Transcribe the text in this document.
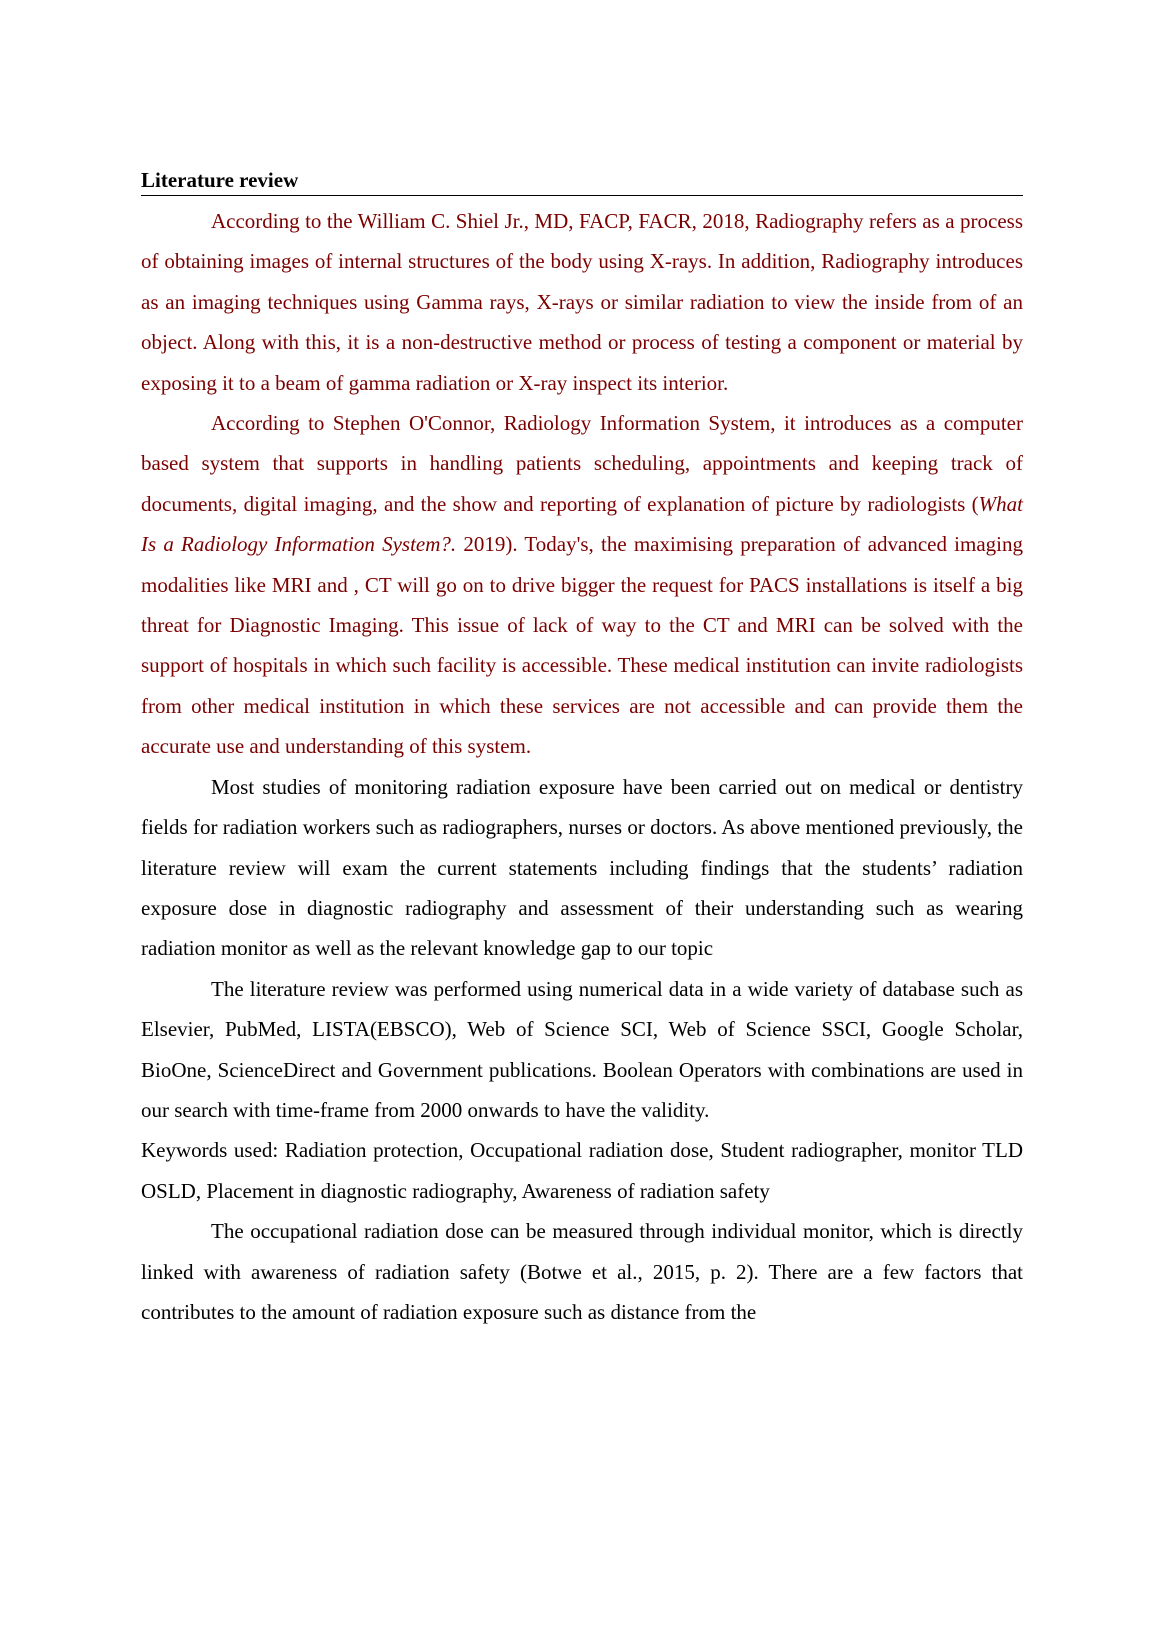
Literature review

According to the William C. Shiel Jr., MD, FACP, FACR, 2018, Radiography refers as a process of obtaining images of internal structures of the body using X-rays. In addition, Radiography introduces as an imaging techniques using Gamma rays, X-rays or similar radiation to view the inside from of an object. Along with this, it is a non-destructive method or process of testing a component or material by exposing it to a beam of gamma radiation or X-ray inspect its interior.

According to Stephen O'Connor, Radiology Information System, it introduces as a computer based system that supports in handling patients scheduling, appointments and keeping track of documents, digital imaging, and the show and reporting of explanation of picture by radiologists (What Is a Radiology Information System?. 2019). Today's, the maximising preparation of advanced imaging modalities like MRI and , CT will go on to drive bigger the request for PACS installations is itself a big threat for Diagnostic Imaging. This issue of lack of way to the CT and MRI can be solved with the support of hospitals in which such facility is accessible. These medical institution can invite radiologists from other medical institution in which these services are not accessible and can provide them the accurate use and understanding of this system.

Most studies of monitoring radiation exposure have been carried out on medical or dentistry fields for radiation workers such as radiographers, nurses or doctors. As above mentioned previously, the literature review will exam the current statements including findings that the students’ radiation exposure dose in diagnostic radiography and assessment of their understanding such as wearing radiation monitor as well as the relevant knowledge gap to our topic

The literature review was performed using numerical data in a wide variety of database such as Elsevier, PubMed, LISTA(EBSCO), Web of Science SCI, Web of Science SSCI, Google Scholar, BioOne, ScienceDirect and Government publications. Boolean Operators with combinations are used in our search with time-frame from 2000 onwards to have the validity.

Keywords used: Radiation protection, Occupational radiation dose, Student radiographer, monitor TLD OSLD, Placement in diagnostic radiography, Awareness of radiation safety

The occupational radiation dose can be measured through individual monitor, which is directly linked with awareness of radiation safety (Botwe et al., 2015, p. 2). There are a few factors that contributes to the amount of radiation exposure such as distance from the
